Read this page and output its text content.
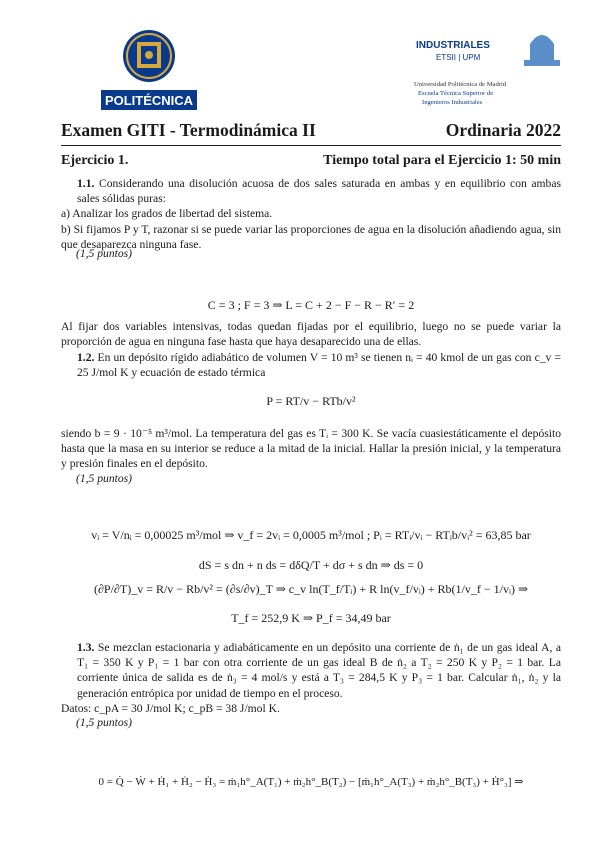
POLITÉCNICA
INDUSTRIALES
ETSII | UPM
Universidad Politécnica de Madrid
Escuela Técnica Superior de
Ingenieros Industriales
Examen GITI - Termodinámica II	Ordinaria 2022
Ejercicio 1.	Tiempo total para el Ejercicio 1: 50 min
1.1. Considerando una disolución acuosa de dos sales saturada en ambas y en equilibrio con ambas sales sólidas puras:
a) Analizar los grados de libertad del sistema.
b) Si fijamos P y T, razonar si se puede variar las proporciones de agua en la disolución añadiendo agua, sin que desaparezca ninguna fase.
(1,5 puntos)
C = 3 ; F = 3 ⇒ L = C + 2 − F − R − R′ = 2
Al fijar dos variables intensivas, todas quedan fijadas por el equilibrio, luego no se puede variar la proporción de agua en ninguna fase hasta que haya desaparecido una de ellas.
1.2. En un depósito rígido adiabático de volumen V = 10 m³ se tienen nᵢ = 40 kmol de un gas con c_v = 25 J/mol K y ecuación de estado térmica
P = RT/v − RTb/v²
siendo b = 9 · 10⁻⁵ m³/mol. La temperatura del gas es Tᵢ = 300 K. Se vacía cuasiestáticamente el depósito hasta que la masa en su interior se reduce a la mitad de la inicial. Hallar la presión inicial, y la temperatura y presión finales en el depósito.
(1,5 puntos)
vᵢ = V/nᵢ = 0,00025 m³/mol ⇒ v_f = 2vᵢ = 0,0005 m³/mol ; Pᵢ = RTᵢ/vᵢ − RTᵢb/vᵢ² = 63,85 bar
dS = s dn + n ds = dδQ/T + dσ + s dn ⇒ ds = 0
(∂P/∂T)_v = R/v − Rb/v² = (∂s/∂v)_T ⇒ c_v ln(T_f/Tᵢ) + R ln(v_f/vᵢ) + Rb(1/v_f − 1/vᵢ) ⇒
T_f = 252,9 K ⇒ P_f = 34,49 bar
1.3. Se mezclan estacionaria y adiabáticamente en un depósito una corriente de ṅ₁ de un gas ideal A, a T₁ = 350 K y P₁ = 1 bar con otra corriente de un gas ideal B de ṅ₂ a T₂ = 250 K y P₂ = 1 bar. La corriente única de salida es de ṅ₃ = 4 mol/s y está a T₃ = 284,5 K y P₃ = 1 bar. Calcular ṅ₁, ṅ₂ y la generación entrópica por unidad de tiempo en el proceso.
Datos: c_pA = 30 J/mol K; c_pB = 38 J/mol K.
(1,5 puntos)
0 = Q̇ − Ẇ + Ḣ₁ + Ḣ₂ − Ḣ₃ = ṁ₁h°_A(T₁) + ṁ₂h°_B(T₂) − [ṁ₁h°_A(T₃) + ṁ₂h°_B(T₃) + Ḣ°₃] ⇒
